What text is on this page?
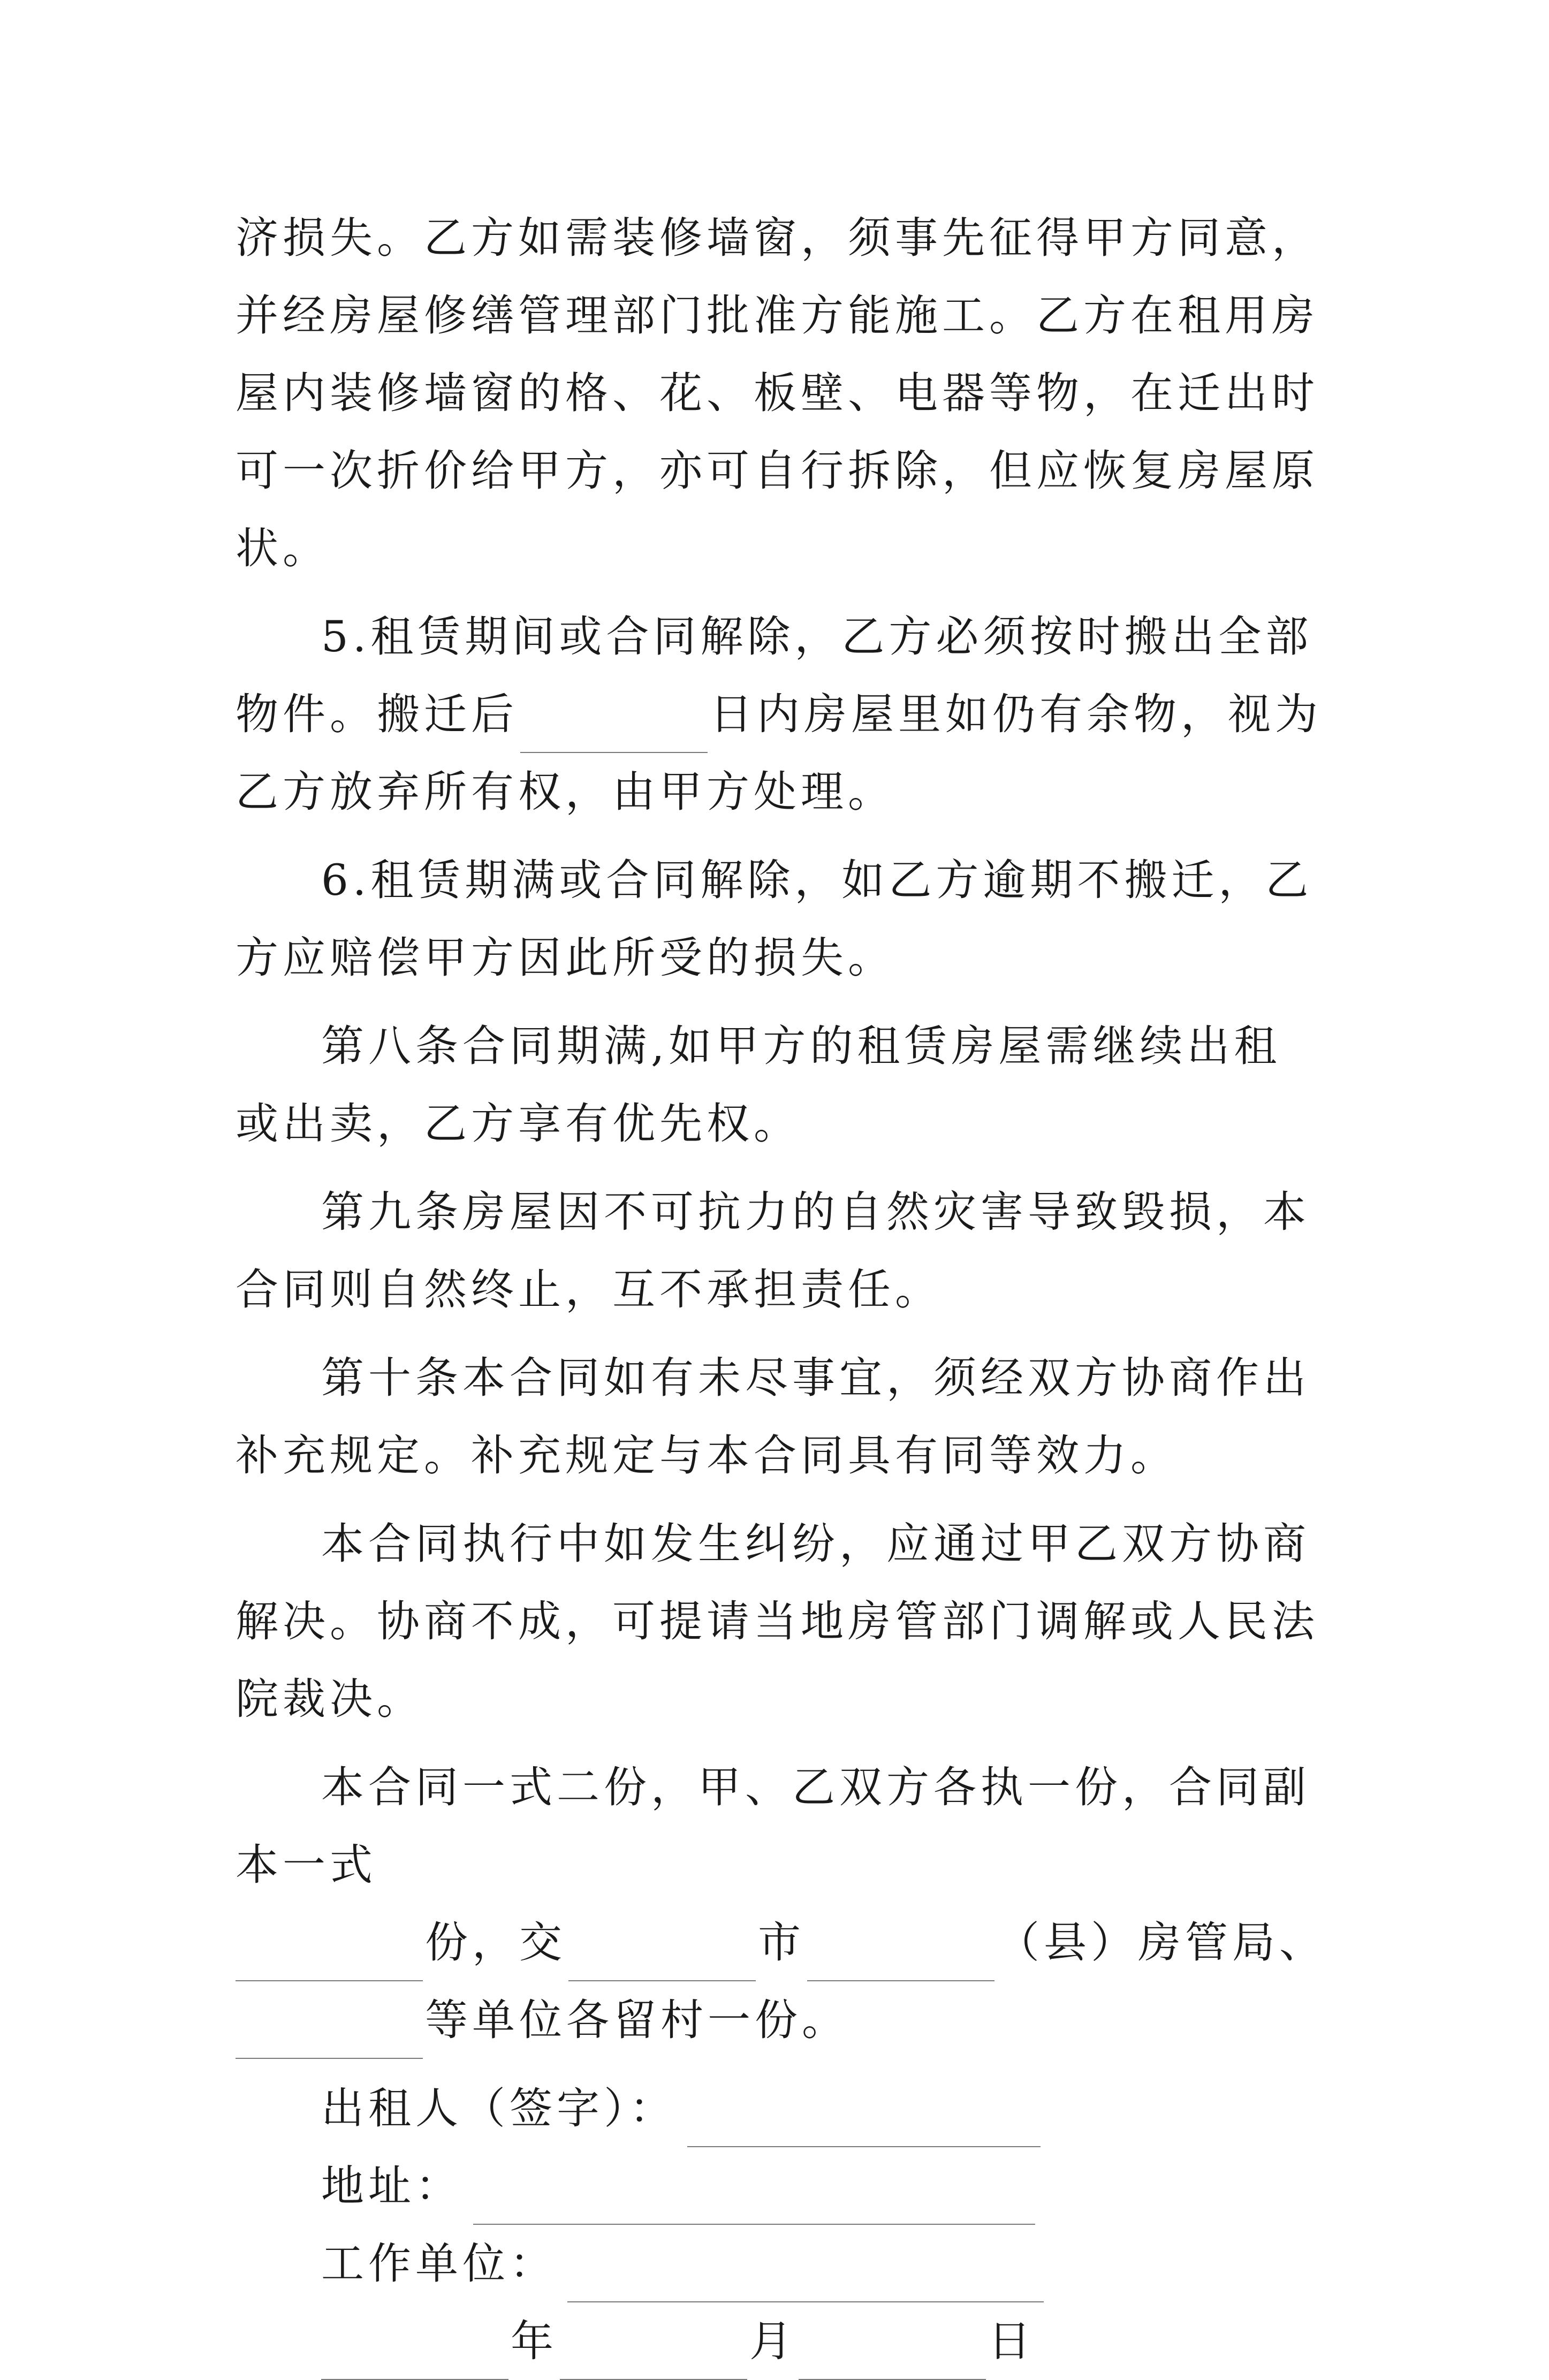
济损失。乙方如需装修墙窗，须事先征得甲方同意，并经房屋修缮管理部门批准方能施工。乙方在租用房屋内装修墙窗的格、花、板壁、电器等物，在迁出时可一次折价给甲方，亦可自行拆除，但应恢复房屋原状。

5.租赁期间或合同解除，乙方必须按时搬出全部物件。搬迁后	日内房屋里如仍有余物，视为乙方放弃所有权，由甲方处理。

6.租赁期满或合同解除，如乙方逾期不搬迁，乙方应赔偿甲方因此所受的损失。

第八条合同期满,如甲方的租赁房屋需继续出租或出卖，乙方享有优先权。

第九条房屋因不可抗力的自然灾害导致毁损，本合同则自然终止，互不承担责任。

第十条本合同如有未尽事宜，须经双方协商作出补充规定。补充规定与本合同具有同等效力。

本合同执行中如发生纠纷，应通过甲乙双方协商解决。协商不成，可提请当地房管部门调解或人民法院裁决。

本合同一式二份，甲、乙双方各执一份，合同副本一式
份，交	市	（县）房管局、
等单位各留村一份。

出租人（签字）：

地址：

工作单位：

年	月	日
